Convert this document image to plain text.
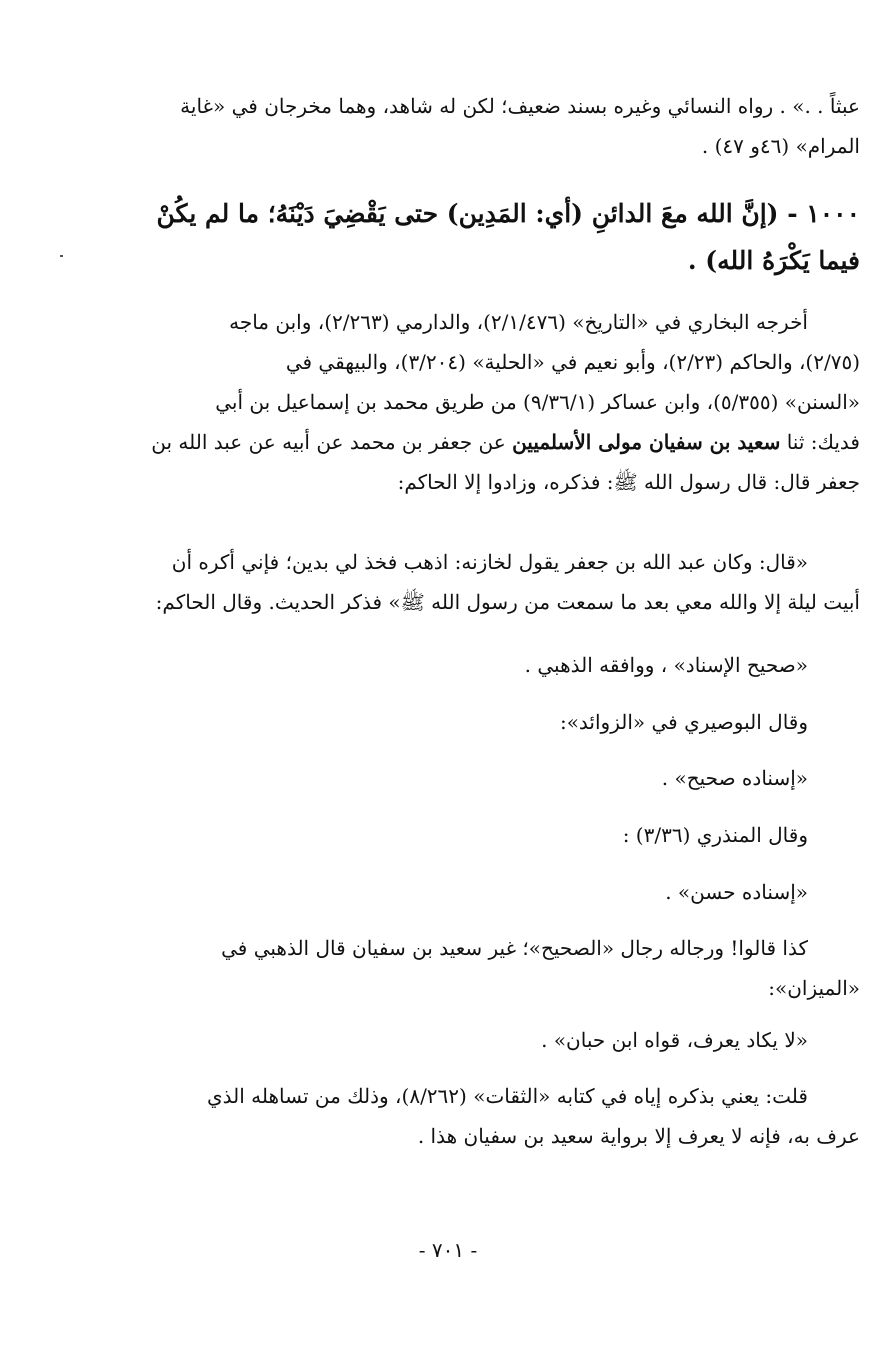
عبثاً . .» . رواه النسائي وغيره بسند ضعيف؛ لكن له شاهد، وهما مخرجان في «غاية
المرام» (٤٦و ٤٧) .
١٠٠٠ - (إنَّ الله معَ الدائنِ (أي: المَدِين) حتى يَقْضِيَ دَيْنَهُ؛ ما لم يكُنْ
فيما يَكْرَهُ الله) .
أخرجه البخاري في «التاريخ» (٢/١/٤٧٦)، والدارمي (٢/٢٦٣)، وابن ماجه
(٢/٧٥)، والحاكم (٢/٢٣)، وأبو نعيم في «الحلية» (٣/٢٠٤)، والبيهقي في
«السنن» (٥/٣٥٥)، وابن عساكر (٩/٣٦/١) من طريق محمد بن إسماعيل بن أبي
فديك: ثنا سعيد بن سفيان مولى الأسلميين عن جعفر بن محمد عن أبيه عن عبد الله بن
جعفر قال: قال رسول الله ﷺ: فذكره، وزادوا إلا الحاكم:
«قال: وكان عبد الله بن جعفر يقول لخازنه: اذهب فخذ لي بدين؛ فإني أكره أن
أبيت ليلة إلا والله معي بعد ما سمعت من رسول الله ﷺ» فذكر الحديث. وقال الحاكم:
«صحيح الإسناد» ، ووافقه الذهبي .
وقال البوصيري في «الزوائد»:
«إسناده صحيح» .
وقال المنذري (٣/٣٦) :
«إسناده حسن» .
كذا قالوا! ورجاله رجال «الصحيح»؛ غير سعيد بن سفيان قال الذهبي في
«الميزان»:
«لا يكاد يعرف، قواه ابن حبان» .
قلت: يعني بذكره إياه في كتابه «الثقات» (٨/٢٦٢)، وذلك من تساهله الذي
عرف به، فإنه لا يعرف إلا برواية سعيد بن سفيان هذا .
- ٧٠١ -
